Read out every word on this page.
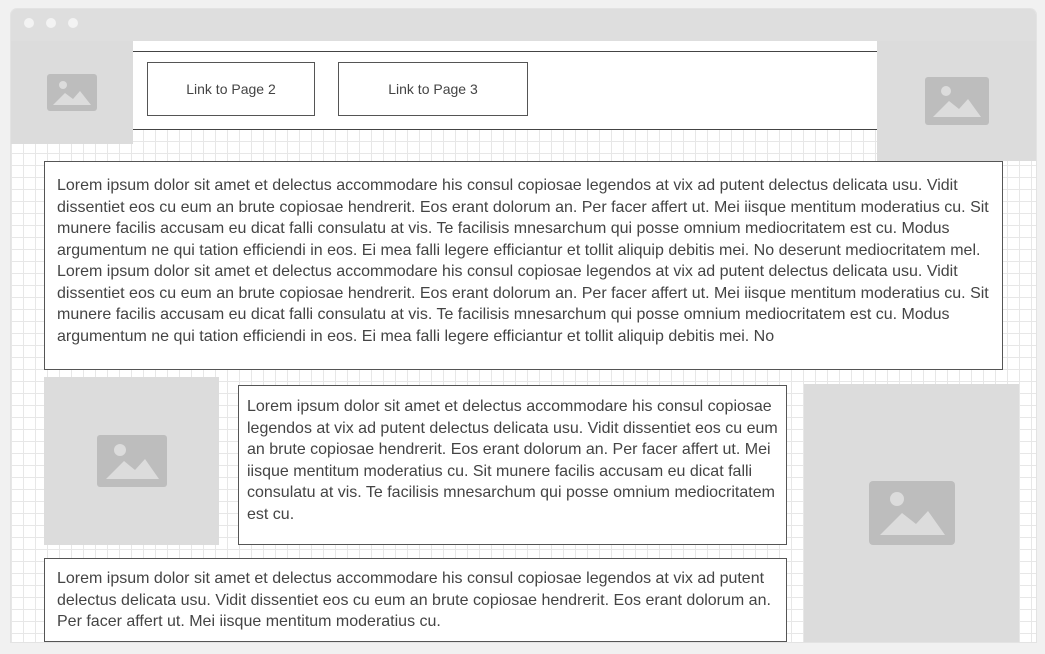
Link to Page 2	Link to Page 3

Lorem ipsum dolor sit amet et delectus accommodare his consul copiosae legendos at vix ad putent delectus delicata usu. Vidit dissentiet eos cu eum an brute copiosae hendrerit. Eos erant dolorum an. Per facer affert ut. Mei iisque mentitum moderatius cu. Sit munere facilis accusam eu dicat falli consulatu at vis. Te facilisis mnesarchum qui posse omnium mediocritatem est cu. Modus argumentum ne qui tation efficiendi in eos. Ei mea falli legere efficiantur et tollit aliquip debitis mei. No deserunt mediocritatem mel. Lorem ipsum dolor sit amet et delectus accommodare his consul copiosae legendos at vix ad putent delectus delicata usu. Vidit dissentiet eos cu eum an brute copiosae hendrerit. Eos erant dolorum an. Per facer affert ut. Mei iisque mentitum moderatius cu. Sit munere facilis accusam eu dicat falli consulatu at vis. Te facilisis mnesarchum qui posse omnium mediocritatem est cu. Modus argumentum ne qui tation efficiendi in eos. Ei mea falli legere efficiantur et tollit aliquip debitis mei. No

Lorem ipsum dolor sit amet et delectus accommodare his consul copiosae legendos at vix ad putent delectus delicata usu. Vidit dissentiet eos cu eum an brute copiosae hendrerit. Eos erant dolorum an. Per facer affert ut. Mei iisque mentitum moderatius cu. Sit munere facilis accusam eu dicat falli consulatu at vis. Te facilisis mnesarchum qui posse omnium mediocritatem est cu.

Lorem ipsum dolor sit amet et delectus accommodare his consul copiosae legendos at vix ad putent delectus delicata usu. Vidit dissentiet eos cu eum an brute copiosae hendrerit. Eos erant dolorum an. Per facer affert ut. Mei iisque mentitum moderatius cu.
